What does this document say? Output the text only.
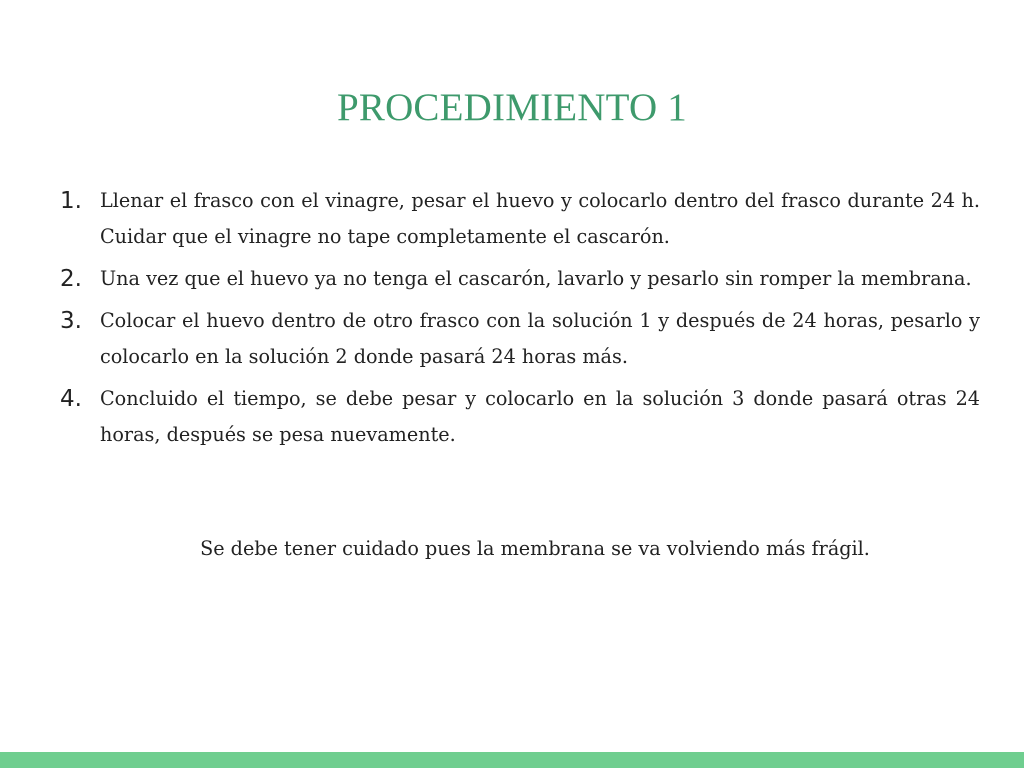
PROCEDIMIENTO 1
1. Llenar el frasco con el vinagre, pesar el huevo y colocarlo dentro del frasco durante 24 h. Cuidar que el vinagre no tape completamente el cascarón.
2. Una vez que el huevo ya no tenga el cascarón, lavarlo y pesarlo sin romper la membrana.
3. Colocar el huevo dentro de otro frasco con la solución 1 y después de 24 horas, pesarlo y colocarlo en la solución 2 donde pasará 24 horas más.
4. Concluido el tiempo, se debe pesar y colocarlo en la solución 3 donde pasará otras 24 horas, después se pesa nuevamente.

Se debe tener cuidado pues la membrana se va volviendo más frágil.
